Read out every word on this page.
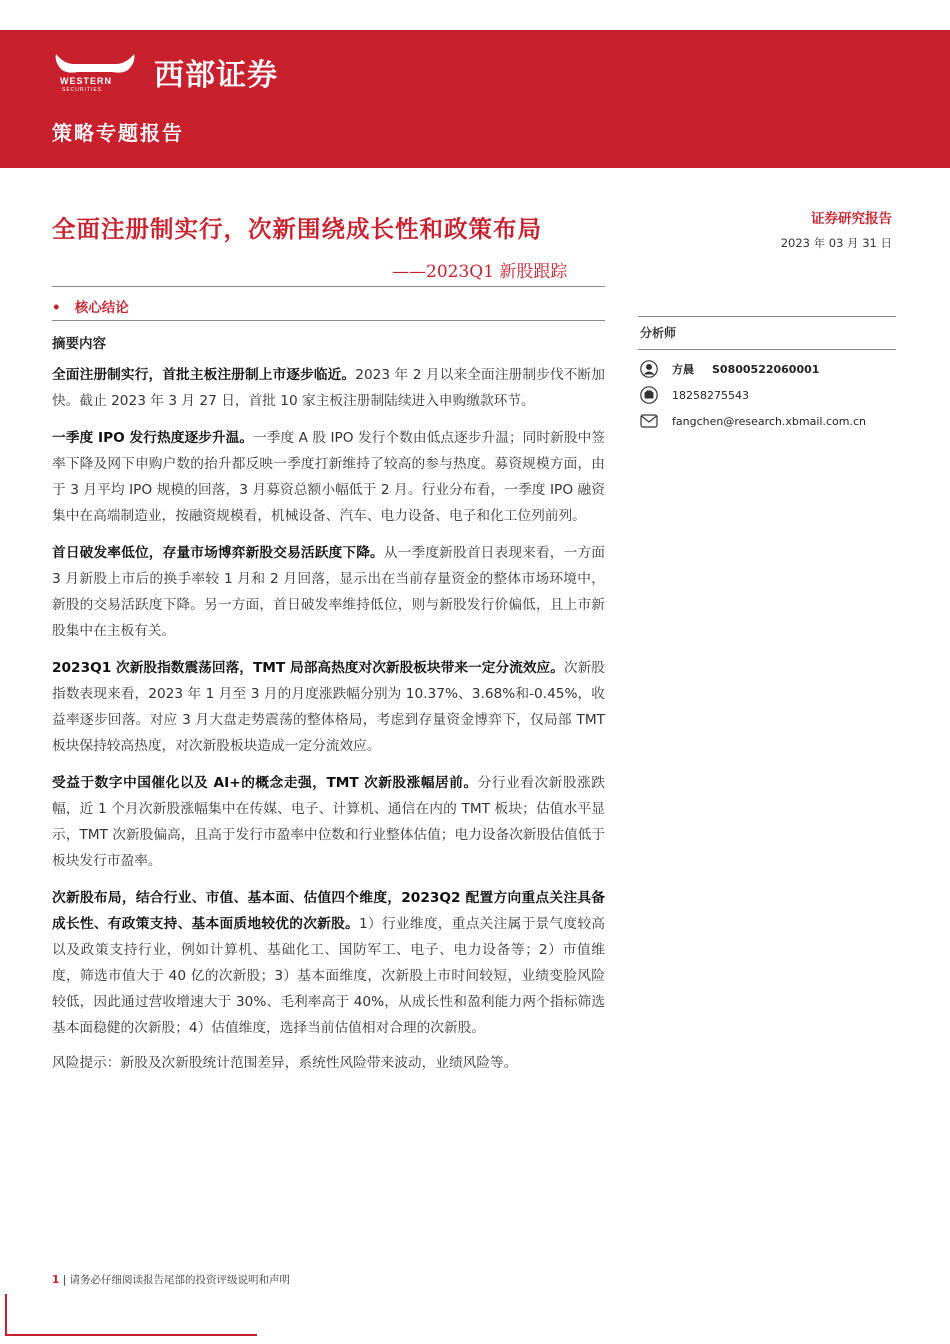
WESTERN
SECURITIES 西部证券
策略专题报告
全面注册制实行，次新围绕成长性和政策布局
——2023Q1 新股跟踪
证券研究报告
2023 年 03 月 31 日
• 核心结论
摘要内容

全面注册制实行，首批主板注册制上市逐步临近。2023 年 2 月以来全面注册制步伐不断加快。截止 2023 年 3 月 27 日，首批 10 家主板注册制陆续进入申购缴款环节。

一季度 IPO 发行热度逐步升温。一季度 A 股 IPO 发行个数由低点逐步升温；同时新股中签率下降及网下申购户数的抬升都反映一季度打新维持了较高的参与热度。募资规模方面，由于 3 月平均 IPO 规模的回落，3 月募资总额小幅低于 2 月。行业分布看，一季度 IPO 融资集中在高端制造业，按融资规模看，机械设备、汽车、电力设备、电子和化工位列前列。

首日破发率低位，存量市场博弈新股交易活跃度下降。从一季度新股首日表现来看，一方面 3 月新股上市后的换手率较 1 月和 2 月回落，显示出在当前存量资金的整体市场环境中，新股的交易活跃度下降。另一方面，首日破发率维持低位，则与新股发行价偏低，且上市新股集中在主板有关。

2023Q1 次新股指数震荡回落，TMT 局部高热度对次新股板块带来一定分流效应。次新股指数表现来看，2023 年 1 月至 3 月的月度涨跌幅分别为 10.37%、3.68%和-0.45%，收益率逐步回落。对应 3 月大盘走势震荡的整体格局，考虑到存量资金博弈下，仅局部 TMT 板块保持较高热度，对次新股板块造成一定分流效应。

受益于数字中国催化以及 AI+的概念走强，TMT 次新股涨幅居前。分行业看次新股涨跌幅，近 1 个月次新股涨幅集中在传媒、电子、计算机、通信在内的 TMT 板块；估值水平显示，TMT 次新股偏高，且高于发行市盈率中位数和行业整体估值；电力设备次新股估值低于板块发行市盈率。

次新股布局，结合行业、市值、基本面、估值四个维度，2023Q2 配置方向重点关注具备成长性、有政策支持、基本面质地较优的次新股。1）行业维度，重点关注属于景气度较高以及政策支持行业，例如计算机、基础化工、国防军工、电子、电力设备等；2）市值维度，筛选市值大于 40 亿的次新股；3）基本面维度，次新股上市时间较短，业绩变脸风险较低，因此通过营收增速大于 30%、毛利率高于 40%，从成长性和盈利能力两个指标筛选基本面稳健的次新股；4）估值维度，选择当前估值相对合理的次新股。

风险提示：新股及次新股统计范围差异，系统性风险带来波动，业绩风险等。

分析师
方晨 S0800522060001
18258275543
fangchen@research.xbmail.com.cn
1 | 请务必仔细阅读报告尾部的投资评级说明和声明
